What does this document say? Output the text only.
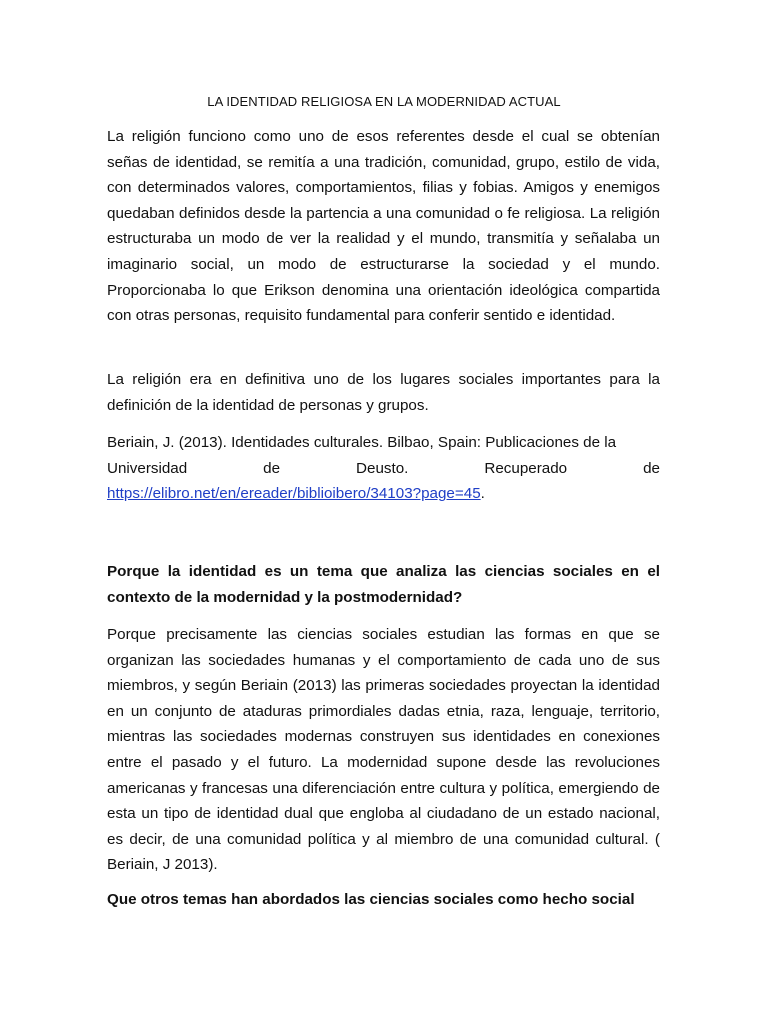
LA IDENTIDAD RELIGIOSA EN LA MODERNIDAD ACTUAL

La religión funciono como uno de esos referentes desde el cual se obtenían señas de identidad, se remitía a una tradición, comunidad, grupo, estilo de vida, con determinados valores, comportamientos, filias y fobias. Amigos y enemigos quedaban definidos desde la partencia a una comunidad o fe religiosa. La religión estructuraba un modo de ver la realidad y el mundo, transmitía y señalaba un imaginario social, un modo de estructurarse la sociedad y el mundo. Proporcionaba lo que Erikson denomina una orientación ideológica compartida con otras personas, requisito fundamental para conferir sentido e identidad.

La religión era en definitiva uno de los lugares sociales importantes para la definición de la identidad de personas y grupos.

Beriain, J. (2013). Identidades culturales. Bilbao, Spain: Publicaciones de la
Universidad	de	Deusto.	Recuperado	de
https://elibro.net/en/ereader/biblioibero/34103?page=45.

Porque la identidad es un tema que analiza las ciencias sociales en el contexto de la modernidad y la postmodernidad?

Porque precisamente las ciencias sociales estudian las formas en que se organizan las sociedades humanas y el comportamiento de cada uno de sus miembros, y según Beriain (2013) las primeras sociedades proyectan la identidad en un conjunto de ataduras primordiales dadas etnia, raza, lenguaje, territorio, mientras las sociedades modernas construyen sus identidades en conexiones entre el pasado y el futuro. La modernidad supone desde las revoluciones americanas y francesas una diferenciación entre cultura y política, emergiendo de esta un tipo de identidad dual que engloba al ciudadano de un estado nacional, es decir, de una comunidad política y al miembro de una comunidad cultural. ( Beriain, J 2013).

Que otros temas han abordados las ciencias sociales como hecho social
